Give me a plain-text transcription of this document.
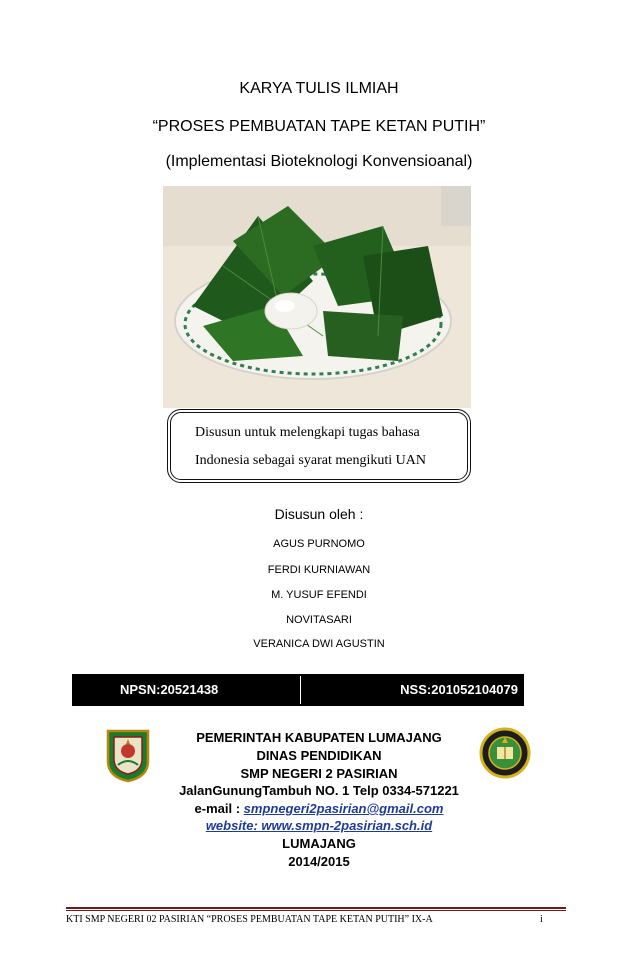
KARYA TULIS ILMIAH
“PROSES PEMBUATAN TAPE KETAN PUTIH”
(Implementasi Bioteknologi Konvensioanal)
Disusun untuk melengkapi tugas bahasa
Indonesia sebagai syarat mengikuti UAN
Disusun oleh :
AGUS PURNOMO
FERDI KURNIAWAN
M. YUSUF EFENDI
NOVITASARI
VERANICA DWI AGUSTIN
NPSN:20521438	NSS:201052104079
PEMERINTAH KABUPATEN LUMAJANG
DINAS PENDIDIKAN
SMP NEGERI 2 PASIRIAN
JalanGunungTambuh NO. 1 Telp 0334-571221
e-mail : smpnegeri2pasirian@gmail.com
website: www.smpn-2pasirian.sch.id
LUMAJANG
2014/2015
KTI SMP NEGERI 02 PASIRIAN “PROSES PEMBUATAN TAPE KETAN PUTIH” IX-A	i
